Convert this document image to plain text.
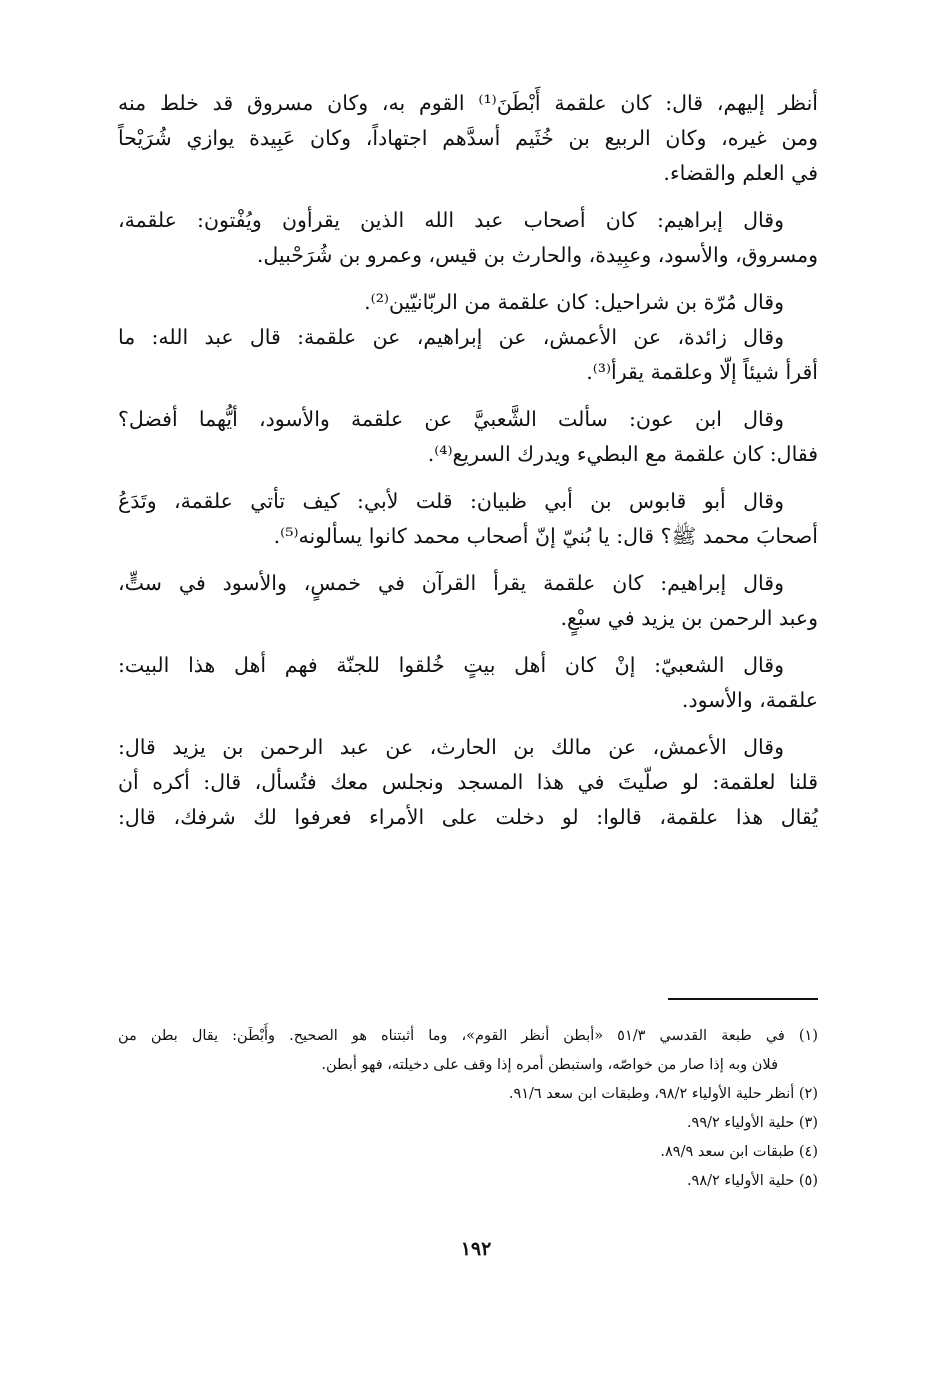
أنظر إليهم، قال: كان علقمة أَبْطَنَ⁽¹⁾ القوم به، وكان مسروق قد خلط منه
ومن غيره، وكان الربيع بن خُثَيم أسدَّهم اجتهاداً، وكان عَبِيدة يوازي شُرَيْحاً
في العلم والقضاء.

وقال إبراهيم: كان أصحاب عبد الله الذين يقرأون ويُفْتون: علقمة،
ومسروق، والأسود، وعبِيدة، والحارث بن قيس، وعمرو بن شُرَحْبيل.

وقال مُرّة بن شراحيل: كان علقمة من الربّانيّين⁽²⁾.

وقال زائدة، عن الأعمش، عن إبراهيم، عن علقمة: قال عبد الله: ما
أقرأ شيئاً إلّا وعلقمة يقرأ⁽³⁾.

وقال ابن عون: سألت الشَّعبيَّ عن علقمة والأسود، أيُّهما أفضل؟
فقال: كان علقمة مع البطيء ويدرك السريع⁽⁴⁾.

وقال أبو قابوس بن أبي ظبيان: قلت لأبي: كيف تأتي علقمة، وتَدَعُ
أصحابَ محمد ﷺ؟ قال: يا بُنيّ إنّ أصحاب محمد كانوا يسألونه⁽⁵⁾.

وقال إبراهيم: كان علقمة يقرأ القرآن في خمسٍ، والأسود في ستٍّ،
وعبد الرحمن بن يزيد في سبْعٍ.

وقال الشعبيّ: إنْ كان أهل بيتٍ خُلقوا للجنّة فهم أهل هذا البيت:
علقمة، والأسود.

وقال الأعمش، عن مالك بن الحارث، عن عبد الرحمن بن يزيد قال:
قلنا لعلقمة: لو صلّيتَ في هذا المسجد ونجلس معك فتُسأل، قال: أكره أن
يُقال هذا علقمة، قالوا: لو دخلت على الأمراء فعرفوا لك شرفك، قال:

(١) في طبعة القدسي ٥١/٣ «أبطن أنظر القوم»، وما أثبتناه هو الصحيح. وأَبْطَن: يقال بطن من
فلان وبه إذا صار من خواصّه، واستبطن أمره إذا وقف على دخيلته، فهو أبطن.
(٢) أنظر حلية الأولياء ٩٨/٢، وطبقات ابن سعد ٩١/٦.
(٣) حلية الأولياء ٩٩/٢.
(٤) طبقات ابن سعد ٨٩/٩.
(٥) حلية الأولياء ٩٨/٢.
١٩٢
